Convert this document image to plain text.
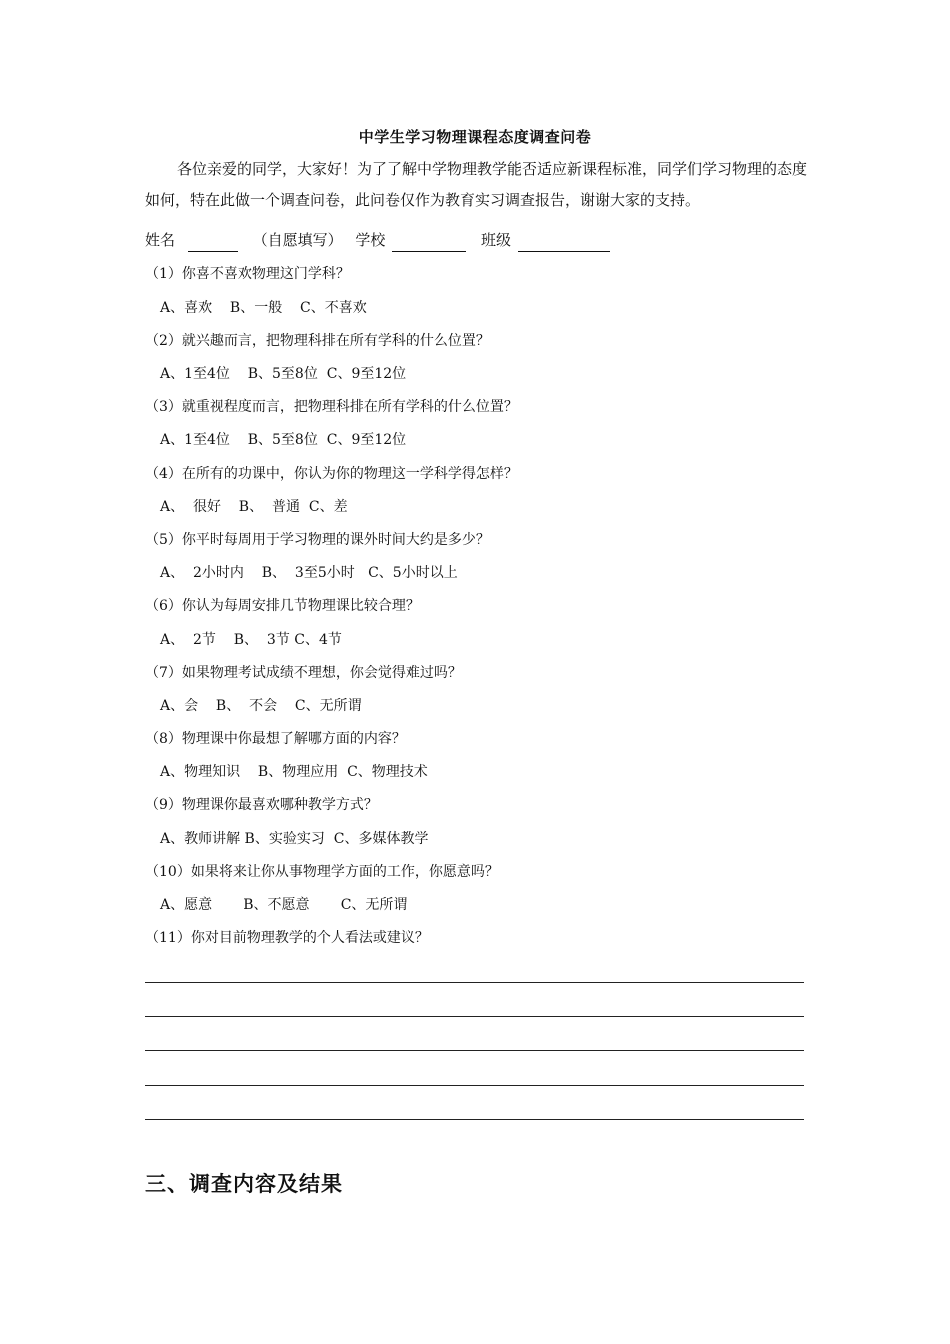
中学生学习物理课程态度调查问卷
各位亲爱的同学，大家好！为了了解中学物理教学能否适应新课程标准，同学们学习物理的态度如何，特在此做一个调查问卷，此问卷仅作为教育实习调查报告，谢谢大家的支持。
姓名	（自愿填写） 学校	班级
（1）你喜不喜欢物理这门学科？
A、喜欢    B、一般    C、不喜欢
（2）就兴趣而言，把物理科排在所有学科的什么位置？
A、1至4位    B、5至8位  C、9至12位
（3）就重视程度而言，把物理科排在所有学科的什么位置？
A、1至4位    B、5至8位  C、9至12位
（4）在所有的功课中，你认为你的物理这一学科学得怎样？
A、  很好    B、  普通  C、差
（5）你平时每周用于学习物理的课外时间大约是多少？
A、  2小时内    B、  3至5小时   C、5小时以上
（6）你认为每周安排几节物理课比较合理？
A、  2节    B、  3节 C、4节
（7）如果物理考试成绩不理想，你会觉得难过吗？
A、会    B、  不会    C、无所谓
（8）物理课中你最想了解哪方面的内容？
A、物理知识    B、物理应用  C、物理技术
（9）物理课你最喜欢哪种教学方式？
A、教师讲解 B、实验实习  C、多媒体教学
（10）如果将来让你从事物理学方面的工作，你愿意吗？
A、愿意       B、不愿意       C、无所谓
（11）你对目前物理教学的个人看法或建议？
三、调查内容及结果
